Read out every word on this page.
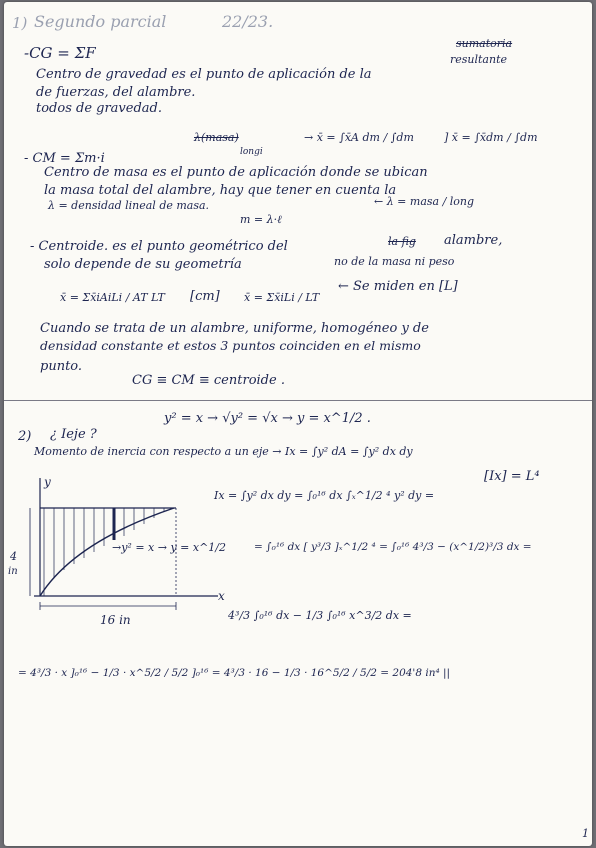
1) Segundo parcial	22/23.
-CG = ΣF
Centro de gravedad es el punto de aplicación de la
sumatoria
resultante
de fuerzas, del alambre.
todos de gravedad.
- CM = Σm·i
λ(masa)
longi
→ x̄ = ∫x̄A dm / ∫dm	] x̄ = ∫x̄dm / ∫dm
Centro de masa es el punto de aplicación donde se ubican
la masa total del alambre, hay que tener en cuenta la
λ = densidad lineal de masa.	← λ = masa / long
m = λ·ℓ
- Centroide. es el punto geométrico del	la fig alambre,
solo depende de su geometría	no de la masa ni peso
x̄ = Σx̄iAiLi / AT LT [cm] x̄ = Σx̄iLi / LT
← Se miden en [L]
Cuando se trata de un alambre, uniforme, homogéneo y de
densidad constante et estos 3 puntos coinciden en el mismo
punto.
CG ≡ CM ≡ centroide .
2) ¿ Ieje ?
y² = x → √y² = √x → y = x^1/2 .
Momento de inercia con respecto a un eje → Ix = ∫y² dA = ∫y² dx dy
[Ix] = L⁴
Ix = ∫y² dx dy = ∫₀¹⁶ dx ∫ₓ^1/2 ⁴ y² dy =
y
x
4
in
16 in
→y² = x → y = x^1/2	= ∫₀¹⁶ dx [ y³/3 ]ₓ^1/2 ⁴ = ∫₀¹⁶ 4³/3 − (x^1/2)³/3 dx =
4³/3 ∫₀¹⁶ dx − 1/3 ∫₀¹⁶ x^3/2 dx =
= 4³/3 · x ]₀¹⁶ − 1/3 · x^5/2 / 5/2 ]₀¹⁶ = 4³/3 · 16 − 1/3 · 16^5/2 / 5/2 = 204'8 in⁴ ||
1
